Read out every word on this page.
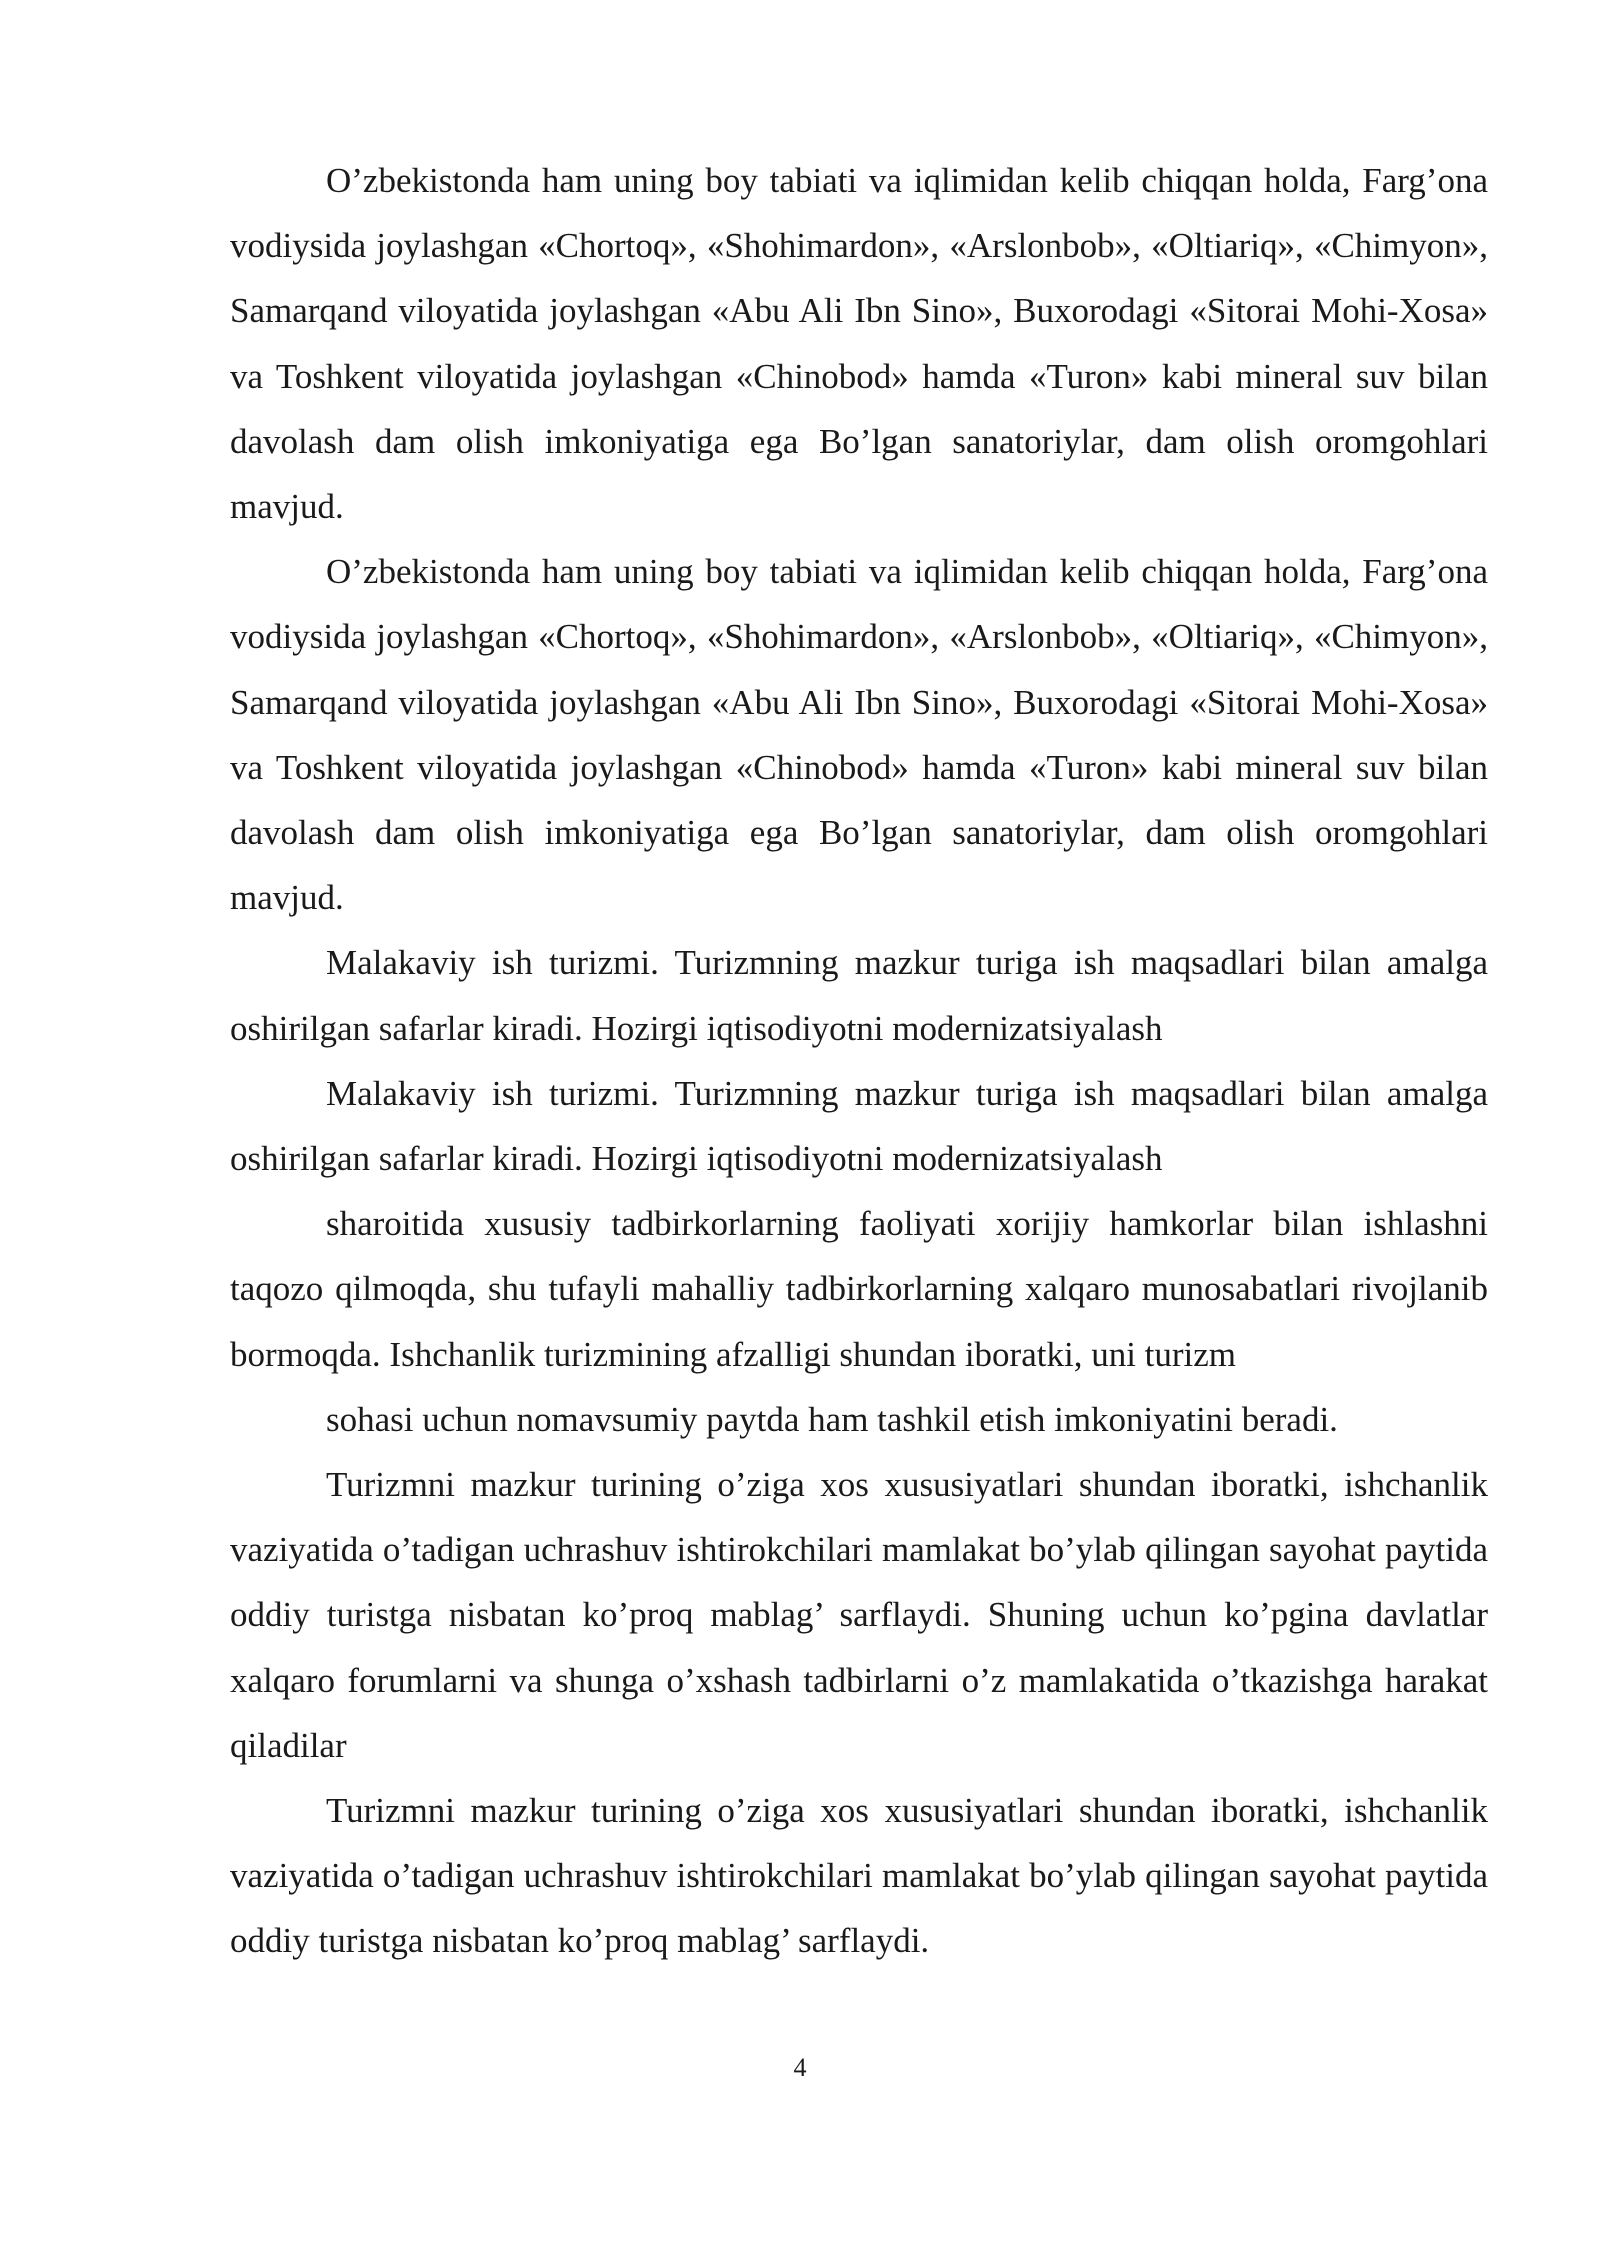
O’zbekistonda ham uning boy tabiati va iqlimidan kelib chiqqan holda, Farg’ona vodiysida joylashgan «Chortoq», «Shohimardon», «Arslonbob», «Oltiariq», «Chimyon», Samarqand viloyatida joylashgan «Abu Ali Ibn Sino», Buxorodagi «Sitorai Mohi-Xosa» va Toshkent viloyatida joylashgan «Chinobod» hamda «Turon» kabi mineral suv bilan davolash dam olish imkoniyatiga ega Bo’lgan sanatoriylar, dam olish oromgohlari mavjud.

O’zbekistonda ham uning boy tabiati va iqlimidan kelib chiqqan holda, Farg’ona vodiysida joylashgan «Chortoq», «Shohimardon», «Arslonbob», «Oltiariq», «Chimyon», Samarqand viloyatida joylashgan «Abu Ali Ibn Sino», Buxorodagi «Sitorai Mohi-Xosa» va Toshkent viloyatida joylashgan «Chinobod» hamda «Turon» kabi mineral suv bilan davolash dam olish imkoniyatiga ega Bo’lgan sanatoriylar, dam olish oromgohlari mavjud.

Malakaviy ish turizmi. Turizmning mazkur turiga ish maqsadlari bilan amalga oshirilgan safarlar kiradi. Hozirgi iqtisodiyotni modernizatsiyalash

Malakaviy ish turizmi. Turizmning mazkur turiga ish maqsadlari bilan amalga oshirilgan safarlar kiradi. Hozirgi iqtisodiyotni modernizatsiyalash

sharoitida xususiy tadbirkorlarning faoliyati xorijiy hamkorlar bilan ishlashni taqozo qilmoqda, shu tufayli mahalliy tadbirkorlarning xalqaro munosabatlari rivojlanib bormoqda. Ishchanlik turizmining afzalligi shundan iboratki, uni turizm

sohasi uchun nomavsumiy paytda ham tashkil etish imkoniyatini beradi.

Turizmni mazkur turining o’ziga xos xususiyatlari shundan iboratki, ishchanlik vaziyatida o’tadigan uchrashuv ishtirokchilari mamlakat bo’ylab qilingan sayohat paytida oddiy turistga nisbatan ko’proq mablag’ sarflaydi. Shuning uchun ko’pgina davlatlar xalqaro forumlarni va shunga o’xshash tadbirlarni o’z mamlakatida o’tkazishga harakat qiladilar

Turizmni mazkur turining o’ziga xos xususiyatlari shundan iboratki, ishchanlik vaziyatida o’tadigan uchrashuv ishtirokchilari mamlakat bo’ylab qilingan sayohat paytida oddiy turistga nisbatan ko’proq mablag’ sarflaydi.

4
